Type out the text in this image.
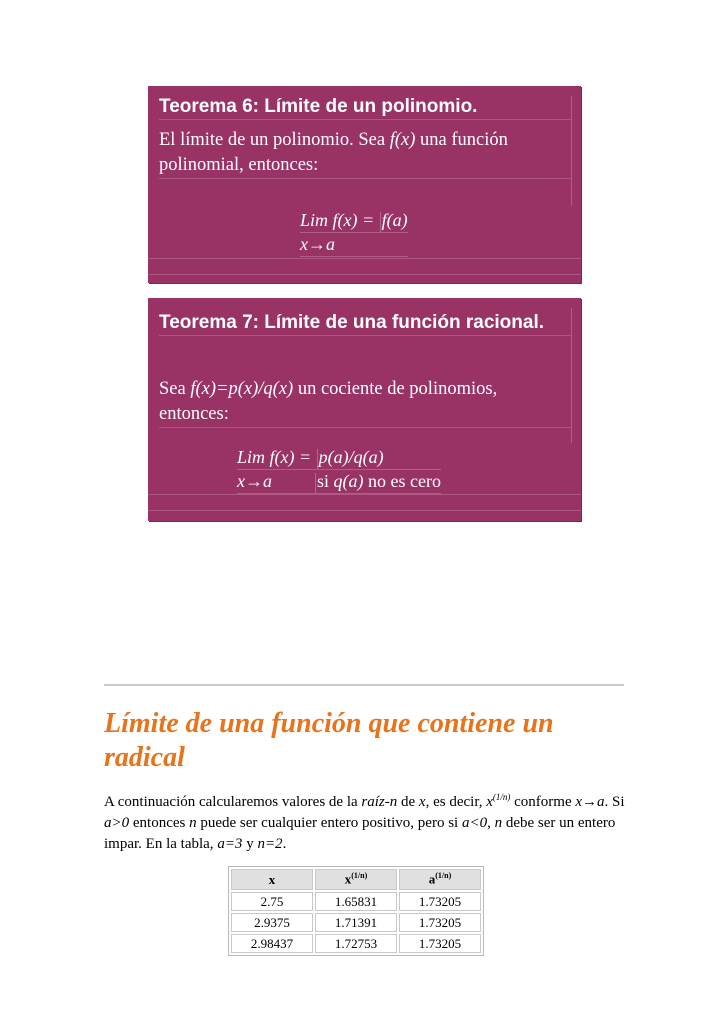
Teorema 6: Límite de un polinomio.
El límite de un polinomio. Sea f(x) una función polinomial, entonces:
Lim f(x) = f(a)
x→a
Teorema 7: Límite de una función racional.
Sea f(x)=p(x)/q(x) un cociente de polinomios, entonces:
Lim f(x) = p(a)/q(a)
x→a	si q(a) no es cero
Límite de una función que contiene un radical

A continuación calcularemos valores de la raíz-n de x, es decir, $x^{(1/n)}$ conforme x→a. Si a>0 entonces n puede ser cualquier entero positivo, pero si a<0, n debe ser un entero impar. En la tabla, a=3 y n=2.

x	$x^{(1/n)}$	$a^{(1/n)}$
2.75	1.65831	1.73205
2.9375	1.71391	1.73205
2.98437	1.72753	1.73205
